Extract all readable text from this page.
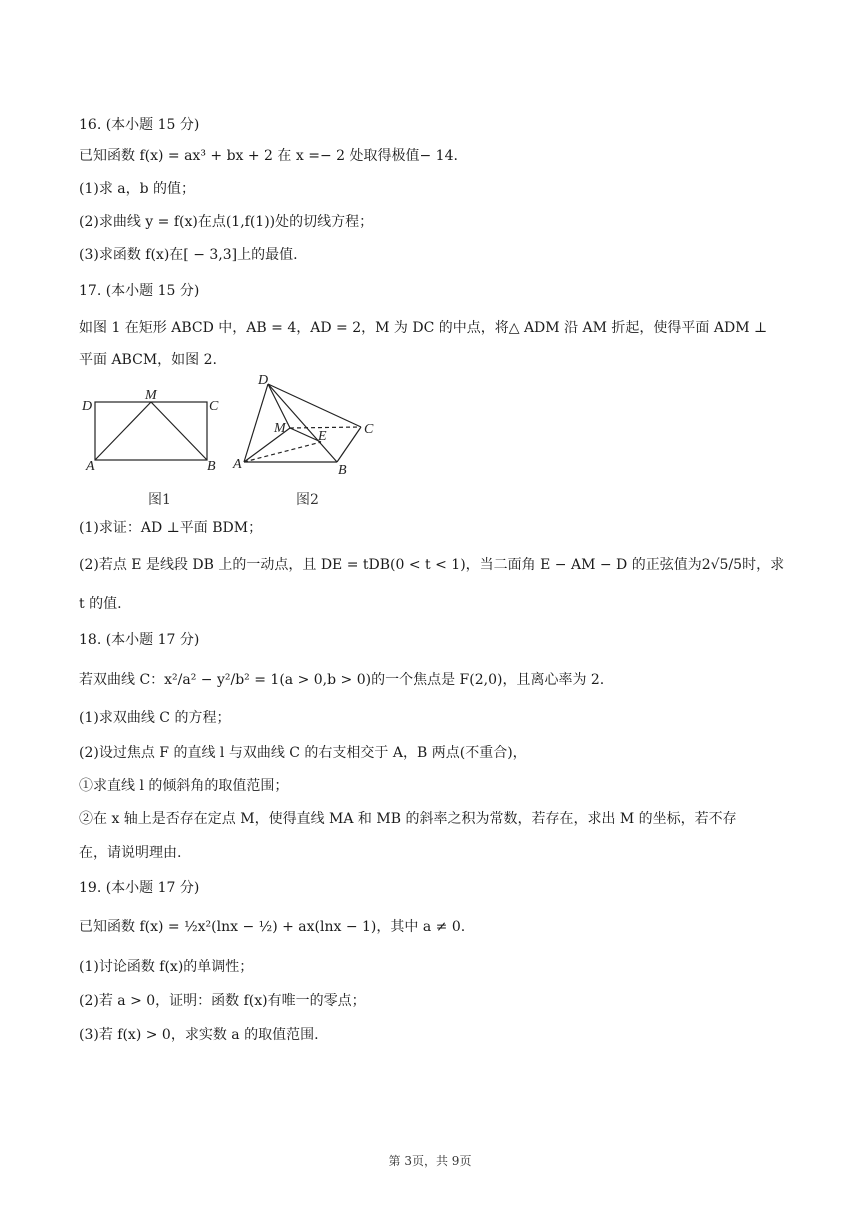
16. (本小题 15 分)
已知函数 f(x) = ax³ + bx + 2 在 x =− 2 处取得极值− 14.
(1)求 a，b 的值；
(2)求曲线 y = f(x)在点(1,f(1))处的切线方程；
(3)求函数 f(x)在[ − 3,3]上的最值.
17. (本小题 15 分)
如图 1 在矩形 ABCD 中，AB = 4，AD = 2，M 为 DC 的中点，将△ ADM 沿 AM 折起，使得平面 ADM ⊥平面 ABCM，如图 2.
D
M
C
A	B
图1
D
M
E	C
A	B
图2
(1)求证：AD ⊥平面 BDM；
(2)若点 E 是线段 DB 上的一动点，且 DE = tDB(0 < t < 1)，当二面角 E − AM − D 的正弦值为2√5/5时，求
t 的值.
18. (本小题 17 分)
若双曲线 C：x²/a² − y²/b² = 1(a > 0,b > 0)的一个焦点是 F(2,0)，且离心率为 2.
(1)求双曲线 C 的方程；
(2)设过焦点 F 的直线 l 与双曲线 C 的右支相交于 A，B 两点(不重合)，
①求直线 l 的倾斜角的取值范围；
②在 x 轴上是否存在定点 M，使得直线 MA 和 MB 的斜率之积为常数，若存在，求出 M 的坐标，若不存
在，请说明理由.
19. (本小题 17 分)
已知函数 f(x) = ½x²(lnx − ½) + ax(lnx − 1)，其中 a ≠ 0.
(1)讨论函数 f(x)的单调性；
(2)若 a > 0，证明：函数 f(x)有唯一的零点；
(3)若 f(x) > 0，求实数 a 的取值范围.
第 3页，共 9页
